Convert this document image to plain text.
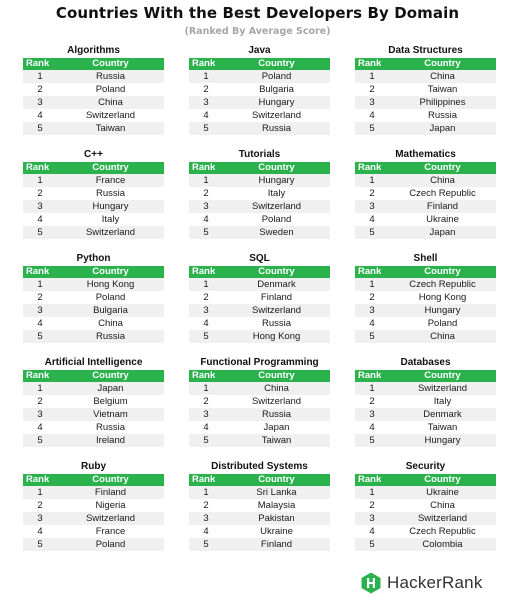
Countries With the Best Developers By Domain
(Ranked By Average Score)
Algorithms
Rank	Country
1	Russia
2	Poland
3	China
4	Switzerland
5	Taiwan
Java
Rank	Country
1	Poland
2	Bulgaria
3	Hungary
4	Switzerland
5	Russia
Data Structures
Rank	Country
1	China
2	Taiwan
3	Philippines
4	Russia
5	Japan
C++
Rank	Country
1	France
2	Russia
3	Hungary
4	Italy
5	Switzerland
Tutorials
Rank	Country
1	Hungary
2	Italy
3	Switzerland
4	Poland
5	Sweden
Mathematics
Rank	Country
1	China
2	Czech Republic
3	Finland
4	Ukraine
5	Japan
Python
Rank	Country
1	Hong Kong
2	Poland
3	Bulgaria
4	China
5	Russia
SQL
Rank	Country
1	Denmark
2	Finland
3	Switzerland
4	Russia
5	Hong Kong
Shell
Rank	Country
1	Czech Republic
2	Hong Kong
3	Hungary
4	Poland
5	China
Artificial Intelligence
Rank	Country
1	Japan
2	Belgium
3	Vietnam
4	Russia
5	Ireland
Functional Programming
Rank	Country
1	China
2	Switzerland
3	Russia
4	Japan
5	Taiwan
Databases
Rank	Country
1	Switzerland
2	Italy
3	Denmark
4	Taiwan
5	Hungary
Ruby
Rank	Country
1	Finland
2	Nigeria
3	Switzerland
4	France
5	Poland
Distributed Systems
Rank	Country
1	Sri Lanka
2	Malaysia
3	Pakistan
4	Ukraine
5	Finland
Security
Rank	Country
1	Ukraine
2	China
3	Switzerland
4	Czech Republic
5	Colombia
HackerRank
